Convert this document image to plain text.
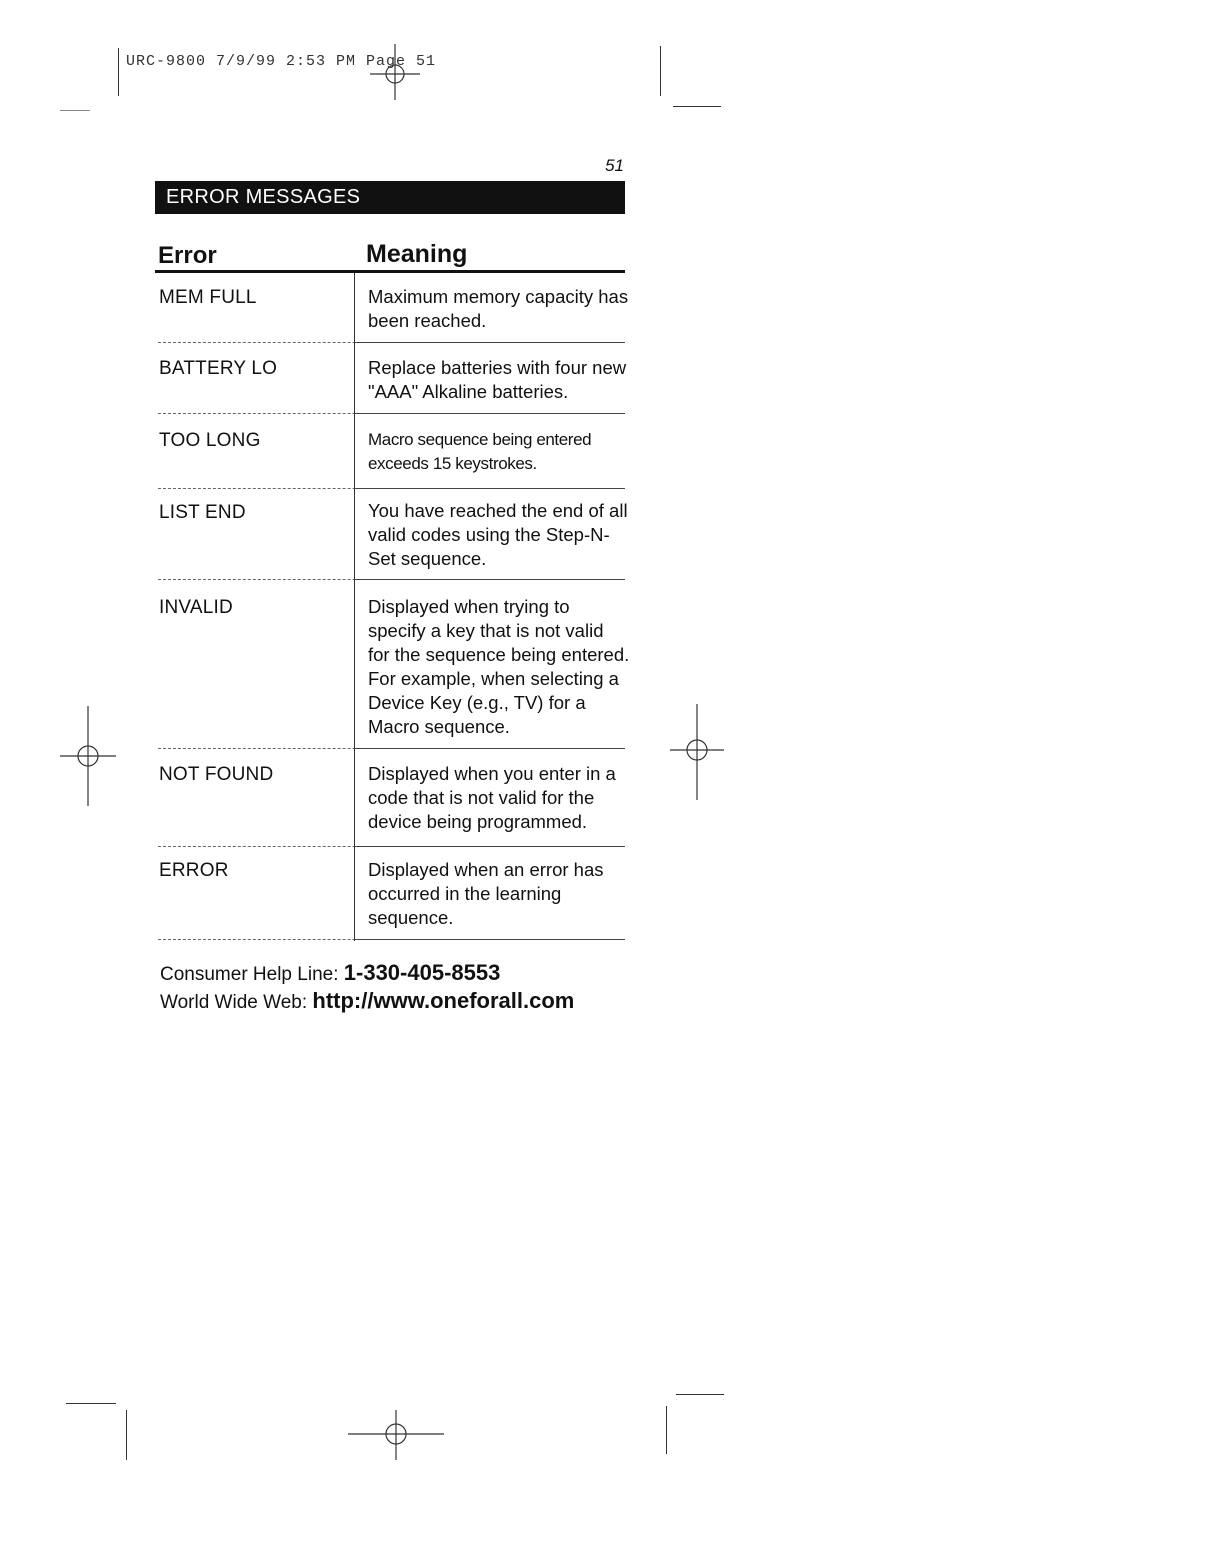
URC-9800 7/9/99 2:53 PM Page 51
51
ERROR MESSAGES
Error	Meaning
MEM FULL	Maximum memory capacity has been reached.
BATTERY LO	Replace batteries with four new "AAA" Alkaline batteries.
TOO LONG	Macro sequence being entered exceeds 15 keystrokes.
LIST END	You have reached the end of all valid codes using the Step-N-Set sequence.
INVALID	Displayed when trying to specify a key that is not valid for the sequence being entered. For example, when selecting a Device Key (e.g., TV) for a Macro sequence.
NOT FOUND	Displayed when you enter in a code that is not valid for the device being programmed.
ERROR	Displayed when an error has occurred in the learning sequence.
Consumer Help Line: 1-330-405-8553
World Wide Web: http://www.oneforall.com
